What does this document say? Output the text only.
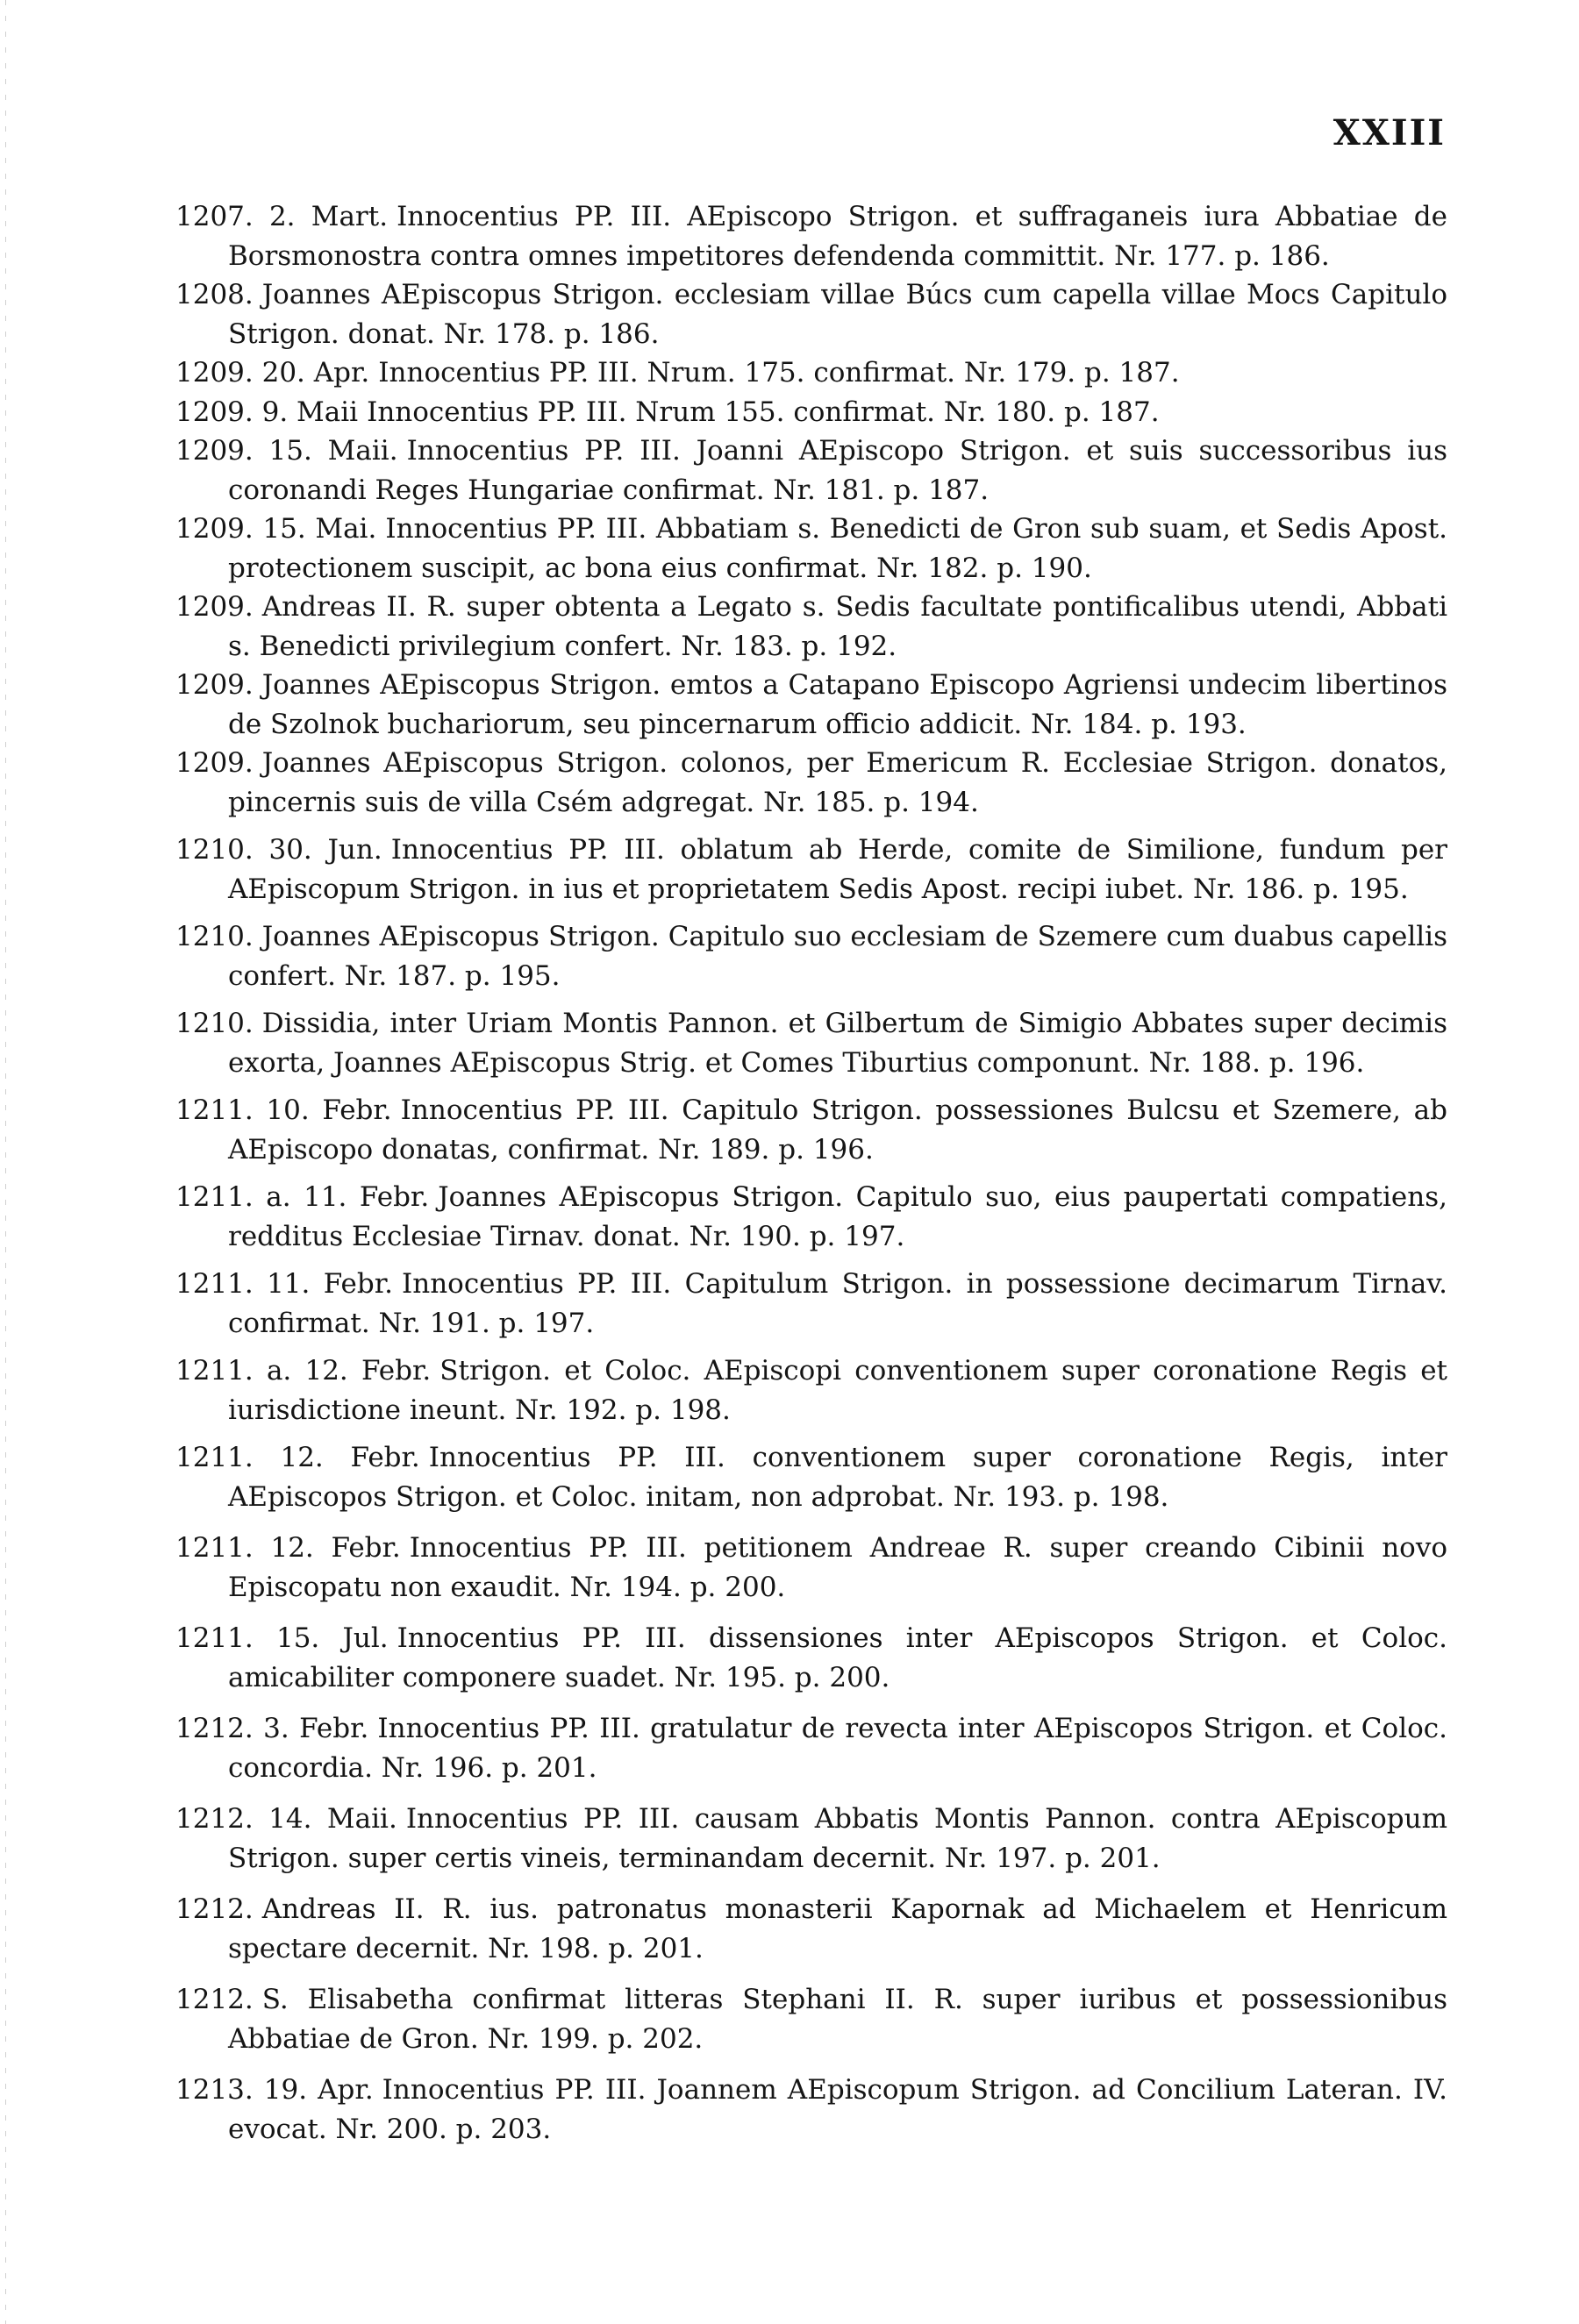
XXIII

1207. 2. Mart. Innocentius PP. III. AEpiscopo Strigon. et suffraganeis iura Abbatiae de Borsmonostra contra omnes impetitores defendenda committit. Nr. 177. p. 186.

1208. Joannes AEpiscopus Strigon. ecclesiam villae Búcs cum capella villae Mocs Capitulo Strigon. donat. Nr. 178. p. 186.

1209. 20. Apr. Innocentius PP. III. Nrum. 175. confirmat. Nr. 179. p. 187.

1209. 9. Maii Innocentius PP. III. Nrum 155. confirmat. Nr. 180. p. 187.

1209. 15. Maii. Innocentius PP. III. Joanni AEpiscopo Strigon. et suis successoribus ius coronandi Reges Hungariae confirmat. Nr. 181. p. 187.

1209. 15. Mai. Innocentius PP. III. Abbatiam s. Benedicti de Gron sub suam, et Sedis Apost. protectionem suscipit, ac bona eius confirmat. Nr. 182. p. 190.

1209. Andreas II. R. super obtenta a Legato s. Sedis facultate pontificalibus utendi, Abbati s. Benedicti privilegium confert. Nr. 183. p. 192.

1209. Joannes AEpiscopus Strigon. emtos a Catapano Episcopo Agriensi undecim libertinos de Szolnok buchariorum, seu pincernarum officio addicit. Nr. 184. p. 193.

1209. Joannes AEpiscopus Strigon. colonos, per Emericum R. Ecclesiae Strigon. donatos, pincernis suis de villa Csém adgregat. Nr. 185. p. 194.

1210. 30. Jun. Innocentius PP. III. oblatum ab Herde, comite de Similione, fundum per AEpiscopum Strigon. in ius et proprietatem Sedis Apost. recipi iubet. Nr. 186. p. 195.

1210. Joannes AEpiscopus Strigon. Capitulo suo ecclesiam de Szemere cum duabus capellis confert. Nr. 187. p. 195.

1210. Dissidia, inter Uriam Montis Pannon. et Gilbertum de Simigio Abbates super decimis exorta, Joannes AEpiscopus Strig. et Comes Tiburtius componunt. Nr. 188. p. 196.

1211. 10. Febr. Innocentius PP. III. Capitulo Strigon. possessiones Bulcsu et Szemere, ab AEpiscopo donatas, confirmat. Nr. 189. p. 196.

1211. a. 11. Febr. Joannes AEpiscopus Strigon. Capitulo suo, eius paupertati compatiens, redditus Ecclesiae Tirnav. donat. Nr. 190. p. 197.

1211. 11. Febr. Innocentius PP. III. Capitulum Strigon. in possessione decimarum Tirnav. confirmat. Nr. 191. p. 197.

1211. a. 12. Febr. Strigon. et Coloc. AEpiscopi conventionem super coronatione Regis et iurisdictione ineunt. Nr. 192. p. 198.

1211. 12. Febr. Innocentius PP. III. conventionem super coronatione Regis, inter AEpiscopos Strigon. et Coloc. initam, non adprobat. Nr. 193. p. 198.

1211. 12. Febr. Innocentius PP. III. petitionem Andreae R. super creando Cibinii novo Episcopatu non exaudit. Nr. 194. p. 200.

1211. 15. Jul. Innocentius PP. III. dissensiones inter AEpiscopos Strigon. et Coloc. amicabiliter componere suadet. Nr. 195. p. 200.

1212. 3. Febr. Innocentius PP. III. gratulatur de revecta inter AEpiscopos Strigon. et Coloc. concordia. Nr. 196. p. 201.

1212. 14. Maii. Innocentius PP. III. causam Abbatis Montis Pannon. contra AEpiscopum Strigon. super certis vineis, terminandam decernit. Nr. 197. p. 201.

1212. Andreas II. R. ius. patronatus monasterii Kapornak ad Michaelem et Henricum spectare decernit. Nr. 198. p. 201.

1212. S. Elisabetha confirmat litteras Stephani II. R. super iuribus et possessionibus Abbatiae de Gron. Nr. 199. p. 202.

1213. 19. Apr. Innocentius PP. III. Joannem AEpiscopum Strigon. ad Concilium Lateran. IV. evocat. Nr. 200. p. 203.
